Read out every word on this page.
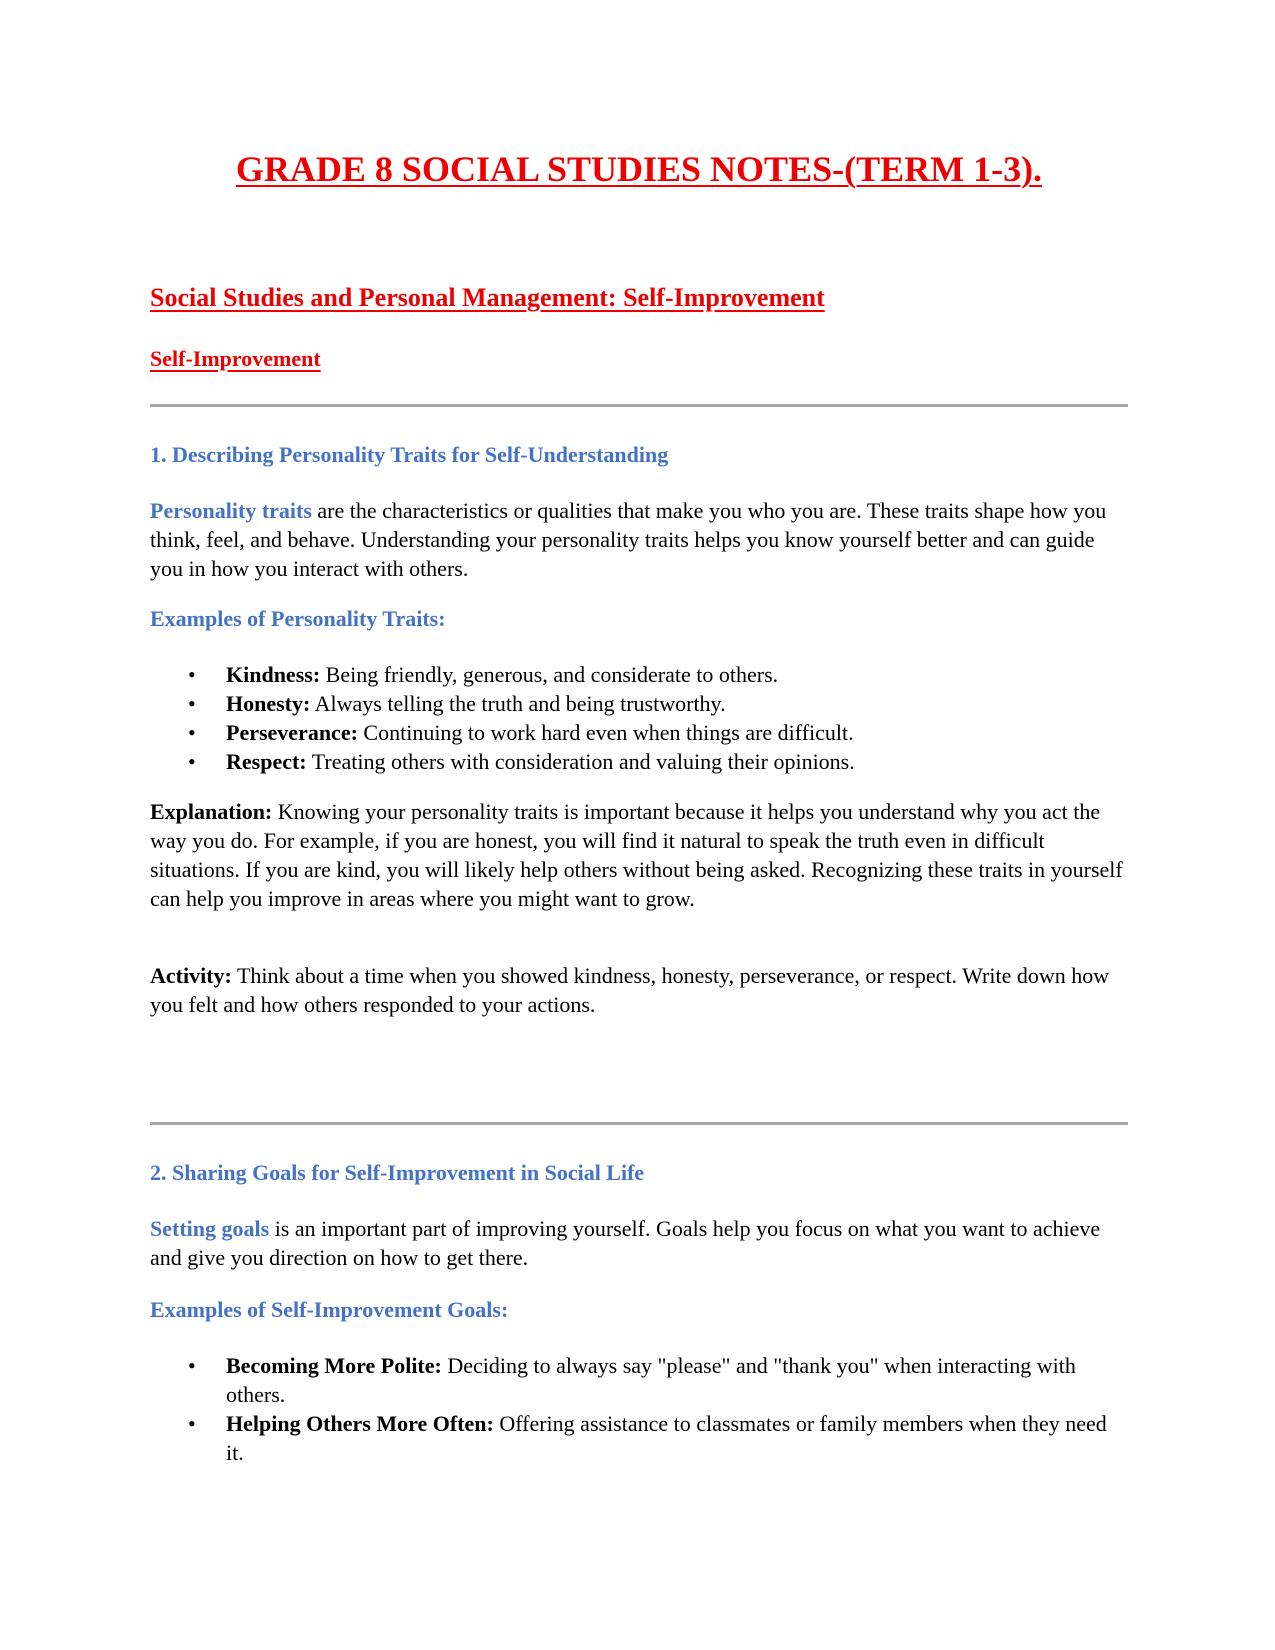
GRADE 8 SOCIAL STUDIES NOTES-(TERM 1-3).
Social Studies and Personal Management: Self-Improvement
Self-Improvement
1. Describing Personality Traits for Self-Understanding

Personality traits are the characteristics or qualities that make you who you are. These traits shape how you think, feel, and behave. Understanding your personality traits helps you know yourself better and can guide you in how you interact with others.

Examples of Personality Traits:
• Kindness: Being friendly, generous, and considerate to others.
• Honesty: Always telling the truth and being trustworthy.
• Perseverance: Continuing to work hard even when things are difficult.
• Respect: Treating others with consideration and valuing their opinions.

Explanation: Knowing your personality traits is important because it helps you understand why you act the way you do. For example, if you are honest, you will find it natural to speak the truth even in difficult situations. If you are kind, you will likely help others without being asked. Recognizing these traits in yourself can help you improve in areas where you might want to grow.

Activity: Think about a time when you showed kindness, honesty, perseverance, or respect. Write down how you felt and how others responded to your actions.

2. Sharing Goals for Self-Improvement in Social Life

Setting goals is an important part of improving yourself. Goals help you focus on what you want to achieve and give you direction on how to get there.

Examples of Self-Improvement Goals:
• Becoming More Polite: Deciding to always say "please" and "thank you" when interacting with others.
• Helping Others More Often: Offering assistance to classmates or family members when they need it.
